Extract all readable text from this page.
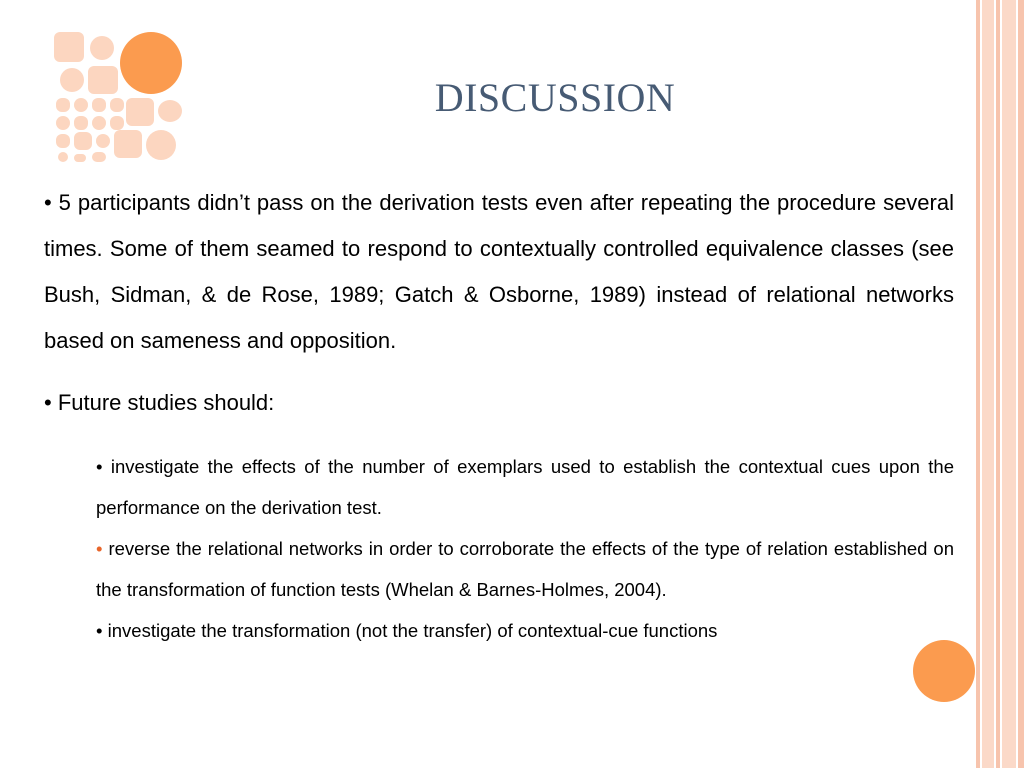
DISCUSSION

• 5 participants didn’t pass on the derivation tests even after repeating the procedure several times. Some of them seamed to respond to contextually controlled equivalence classes (see Bush, Sidman, & de Rose, 1989; Gatch & Osborne, 1989) instead of relational networks based on sameness and opposition.

• Future studies should:

• investigate the effects of the number of exemplars used to establish the contextual cues upon the performance on the derivation test.

• reverse the relational networks in order to corroborate the effects of the type of relation established on the transformation of function tests (Whelan & Barnes-Holmes, 2004).

• investigate the transformation (not the transfer) of contextual-cue functions
